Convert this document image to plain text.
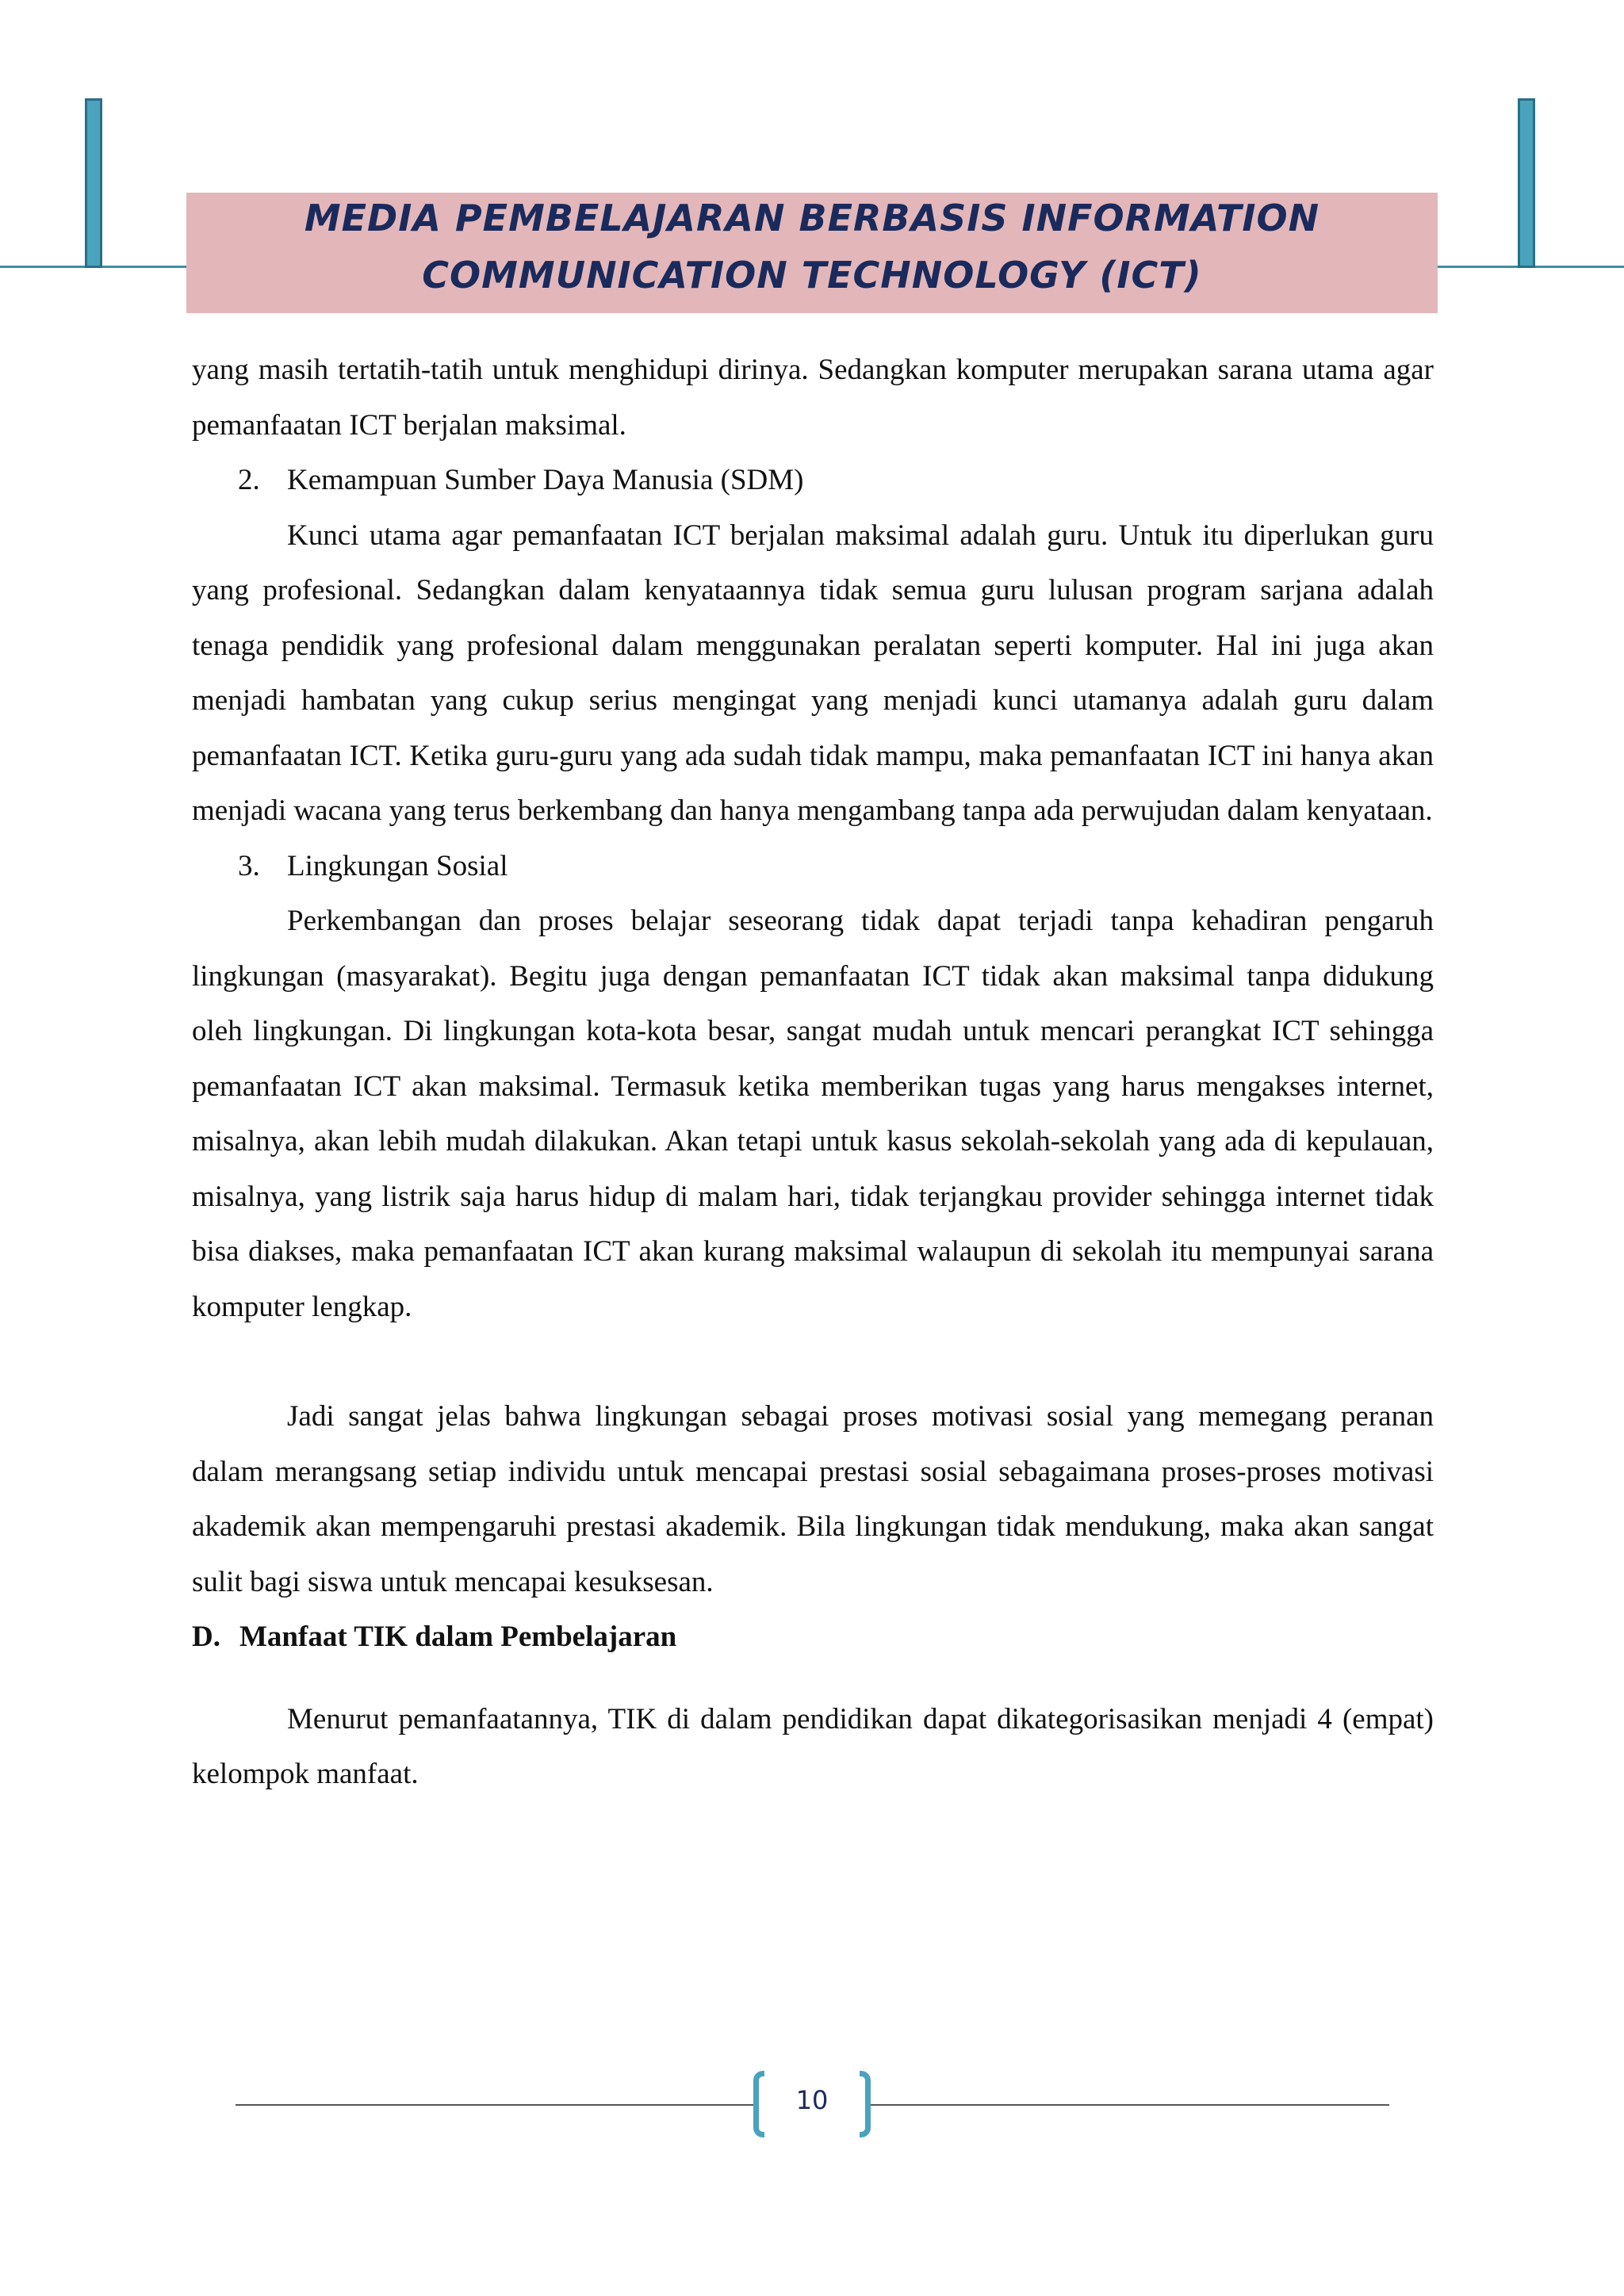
MEDIA PEMBELAJARAN BERBASIS INFORMATION
COMMUNICATION TECHNOLOGY (ICT)

yang masih tertatih-tatih untuk menghidupi dirinya. Sedangkan komputer merupakan sarana utama agar pemanfaatan ICT berjalan maksimal.

2. Kemampuan Sumber Daya Manusia (SDM)

Kunci utama agar pemanfaatan ICT berjalan maksimal adalah guru. Untuk itu diperlukan guru yang profesional. Sedangkan dalam kenyataannya tidak semua guru lulusan program sarjana adalah tenaga pendidik yang profesional dalam menggunakan peralatan seperti komputer. Hal ini juga akan menjadi hambatan yang cukup serius mengingat yang menjadi kunci utamanya adalah guru dalam pemanfaatan ICT. Ketika guru-guru yang ada sudah tidak mampu, maka pemanfaatan ICT ini hanya akan menjadi wacana yang terus berkembang dan hanya mengambang tanpa ada perwujudan dalam kenyataan.

3. Lingkungan Sosial

Perkembangan dan proses belajar seseorang tidak dapat terjadi tanpa kehadiran pengaruh lingkungan (masyarakat). Begitu juga dengan pemanfaatan ICT tidak akan maksimal tanpa didukung oleh lingkungan. Di lingkungan kota-kota besar, sangat mudah untuk mencari perangkat ICT sehingga pemanfaatan ICT akan maksimal. Termasuk ketika memberikan tugas yang harus mengakses internet, misalnya, akan lebih mudah dilakukan. Akan tetapi untuk kasus sekolah-sekolah yang ada di kepulauan, misalnya, yang listrik saja harus hidup di malam hari, tidak terjangkau provider sehingga internet tidak bisa diakses, maka pemanfaatan ICT akan kurang maksimal walaupun di sekolah itu mempunyai sarana komputer lengkap.

Jadi sangat jelas bahwa lingkungan sebagai proses motivasi sosial yang memegang peranan dalam merangsang setiap individu untuk mencapai prestasi sosial sebagaimana proses-proses motivasi akademik akan mempengaruhi prestasi akademik. Bila lingkungan tidak mendukung, maka akan sangat sulit bagi siswa untuk mencapai kesuksesan.

D. Manfaat TIK dalam Pembelajaran

Menurut pemanfaatannya, TIK di dalam pendidikan dapat dikategorisasikan menjadi 4 (empat) kelompok manfaat.

10
